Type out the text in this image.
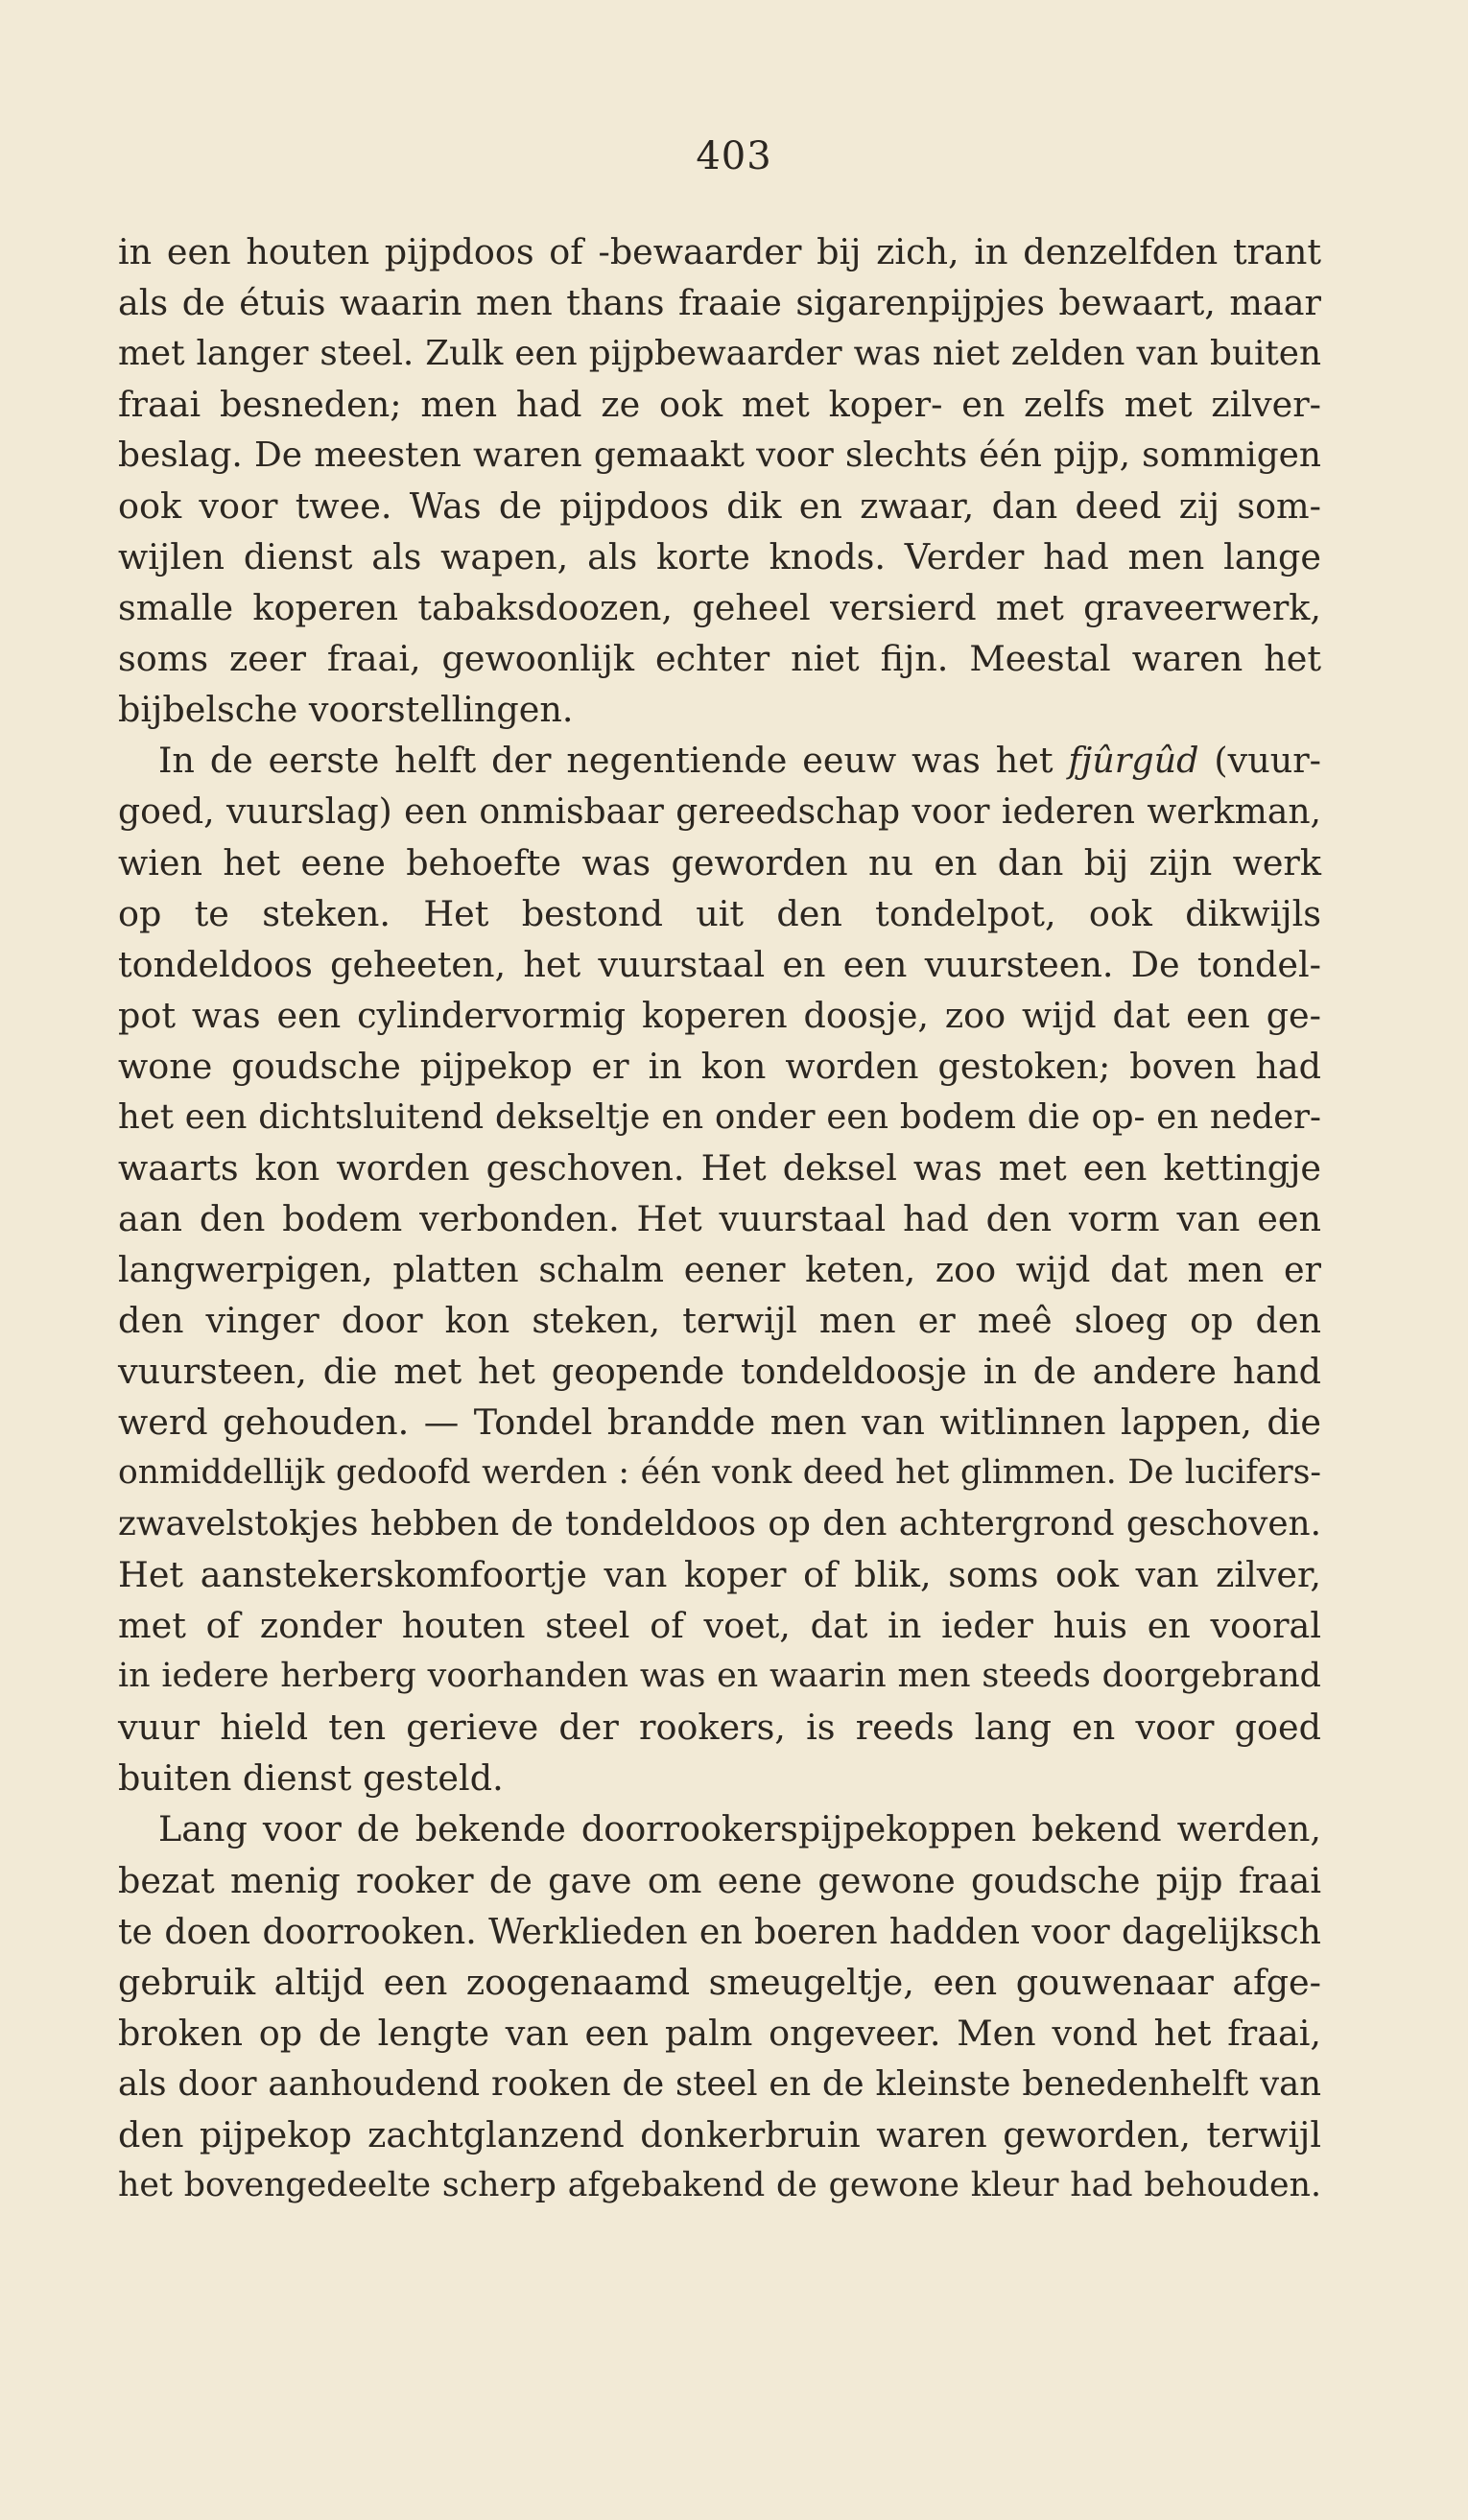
403
in een houten pijpdoos of -bewaarder bij zich, in denzelfden trant
als de étuis waarin men thans fraaie sigarenpijpjes bewaart, maar
met langer steel. Zulk een pijpbewaarder was niet zelden van buiten
fraai besneden; men had ze ook met koper- en zelfs met zilver-
beslag. De meesten waren gemaakt voor slechts één pijp, sommigen
ook voor twee. Was de pijpdoos dik en zwaar, dan deed zij som-
wijlen dienst als wapen, als korte knods. Verder had men lange
smalle koperen tabaksdoozen, geheel versierd met graveerwerk,
soms zeer fraai, gewoonlijk echter niet fijn. Meestal waren het
bijbelsche voorstellingen.
In de eerste helft der negentiende eeuw was het fjûrgûd (vuur-
goed, vuurslag) een onmisbaar gereedschap voor iederen werkman,
wien het eene behoefte was geworden nu en dan bij zijn werk
op te steken. Het bestond uit den tondelpot, ook dikwijls
tondeldoos geheeten, het vuurstaal en een vuursteen. De tondel-
pot was een cylindervormig koperen doosje, zoo wijd dat een ge-
wone goudsche pijpekop er in kon worden gestoken; boven had
het een dichtsluitend dekseltje en onder een bodem die op- en neder-
waarts kon worden geschoven. Het deksel was met een kettingje
aan den bodem verbonden. Het vuurstaal had den vorm van een
langwerpigen, platten schalm eener keten, zoo wijd dat men er
den vinger door kon steken, terwijl men er meê sloeg op den
vuursteen, die met het geopende tondeldoosje in de andere hand
werd gehouden. — Tondel brandde men van witlinnen lappen, die
onmiddellijk gedoofd werden : één vonk deed het glimmen. De lucifers-
zwavelstokjes hebben de tondeldoos op den achtergrond geschoven.
Het aanstekerskomfoortje van koper of blik, soms ook van zilver,
met of zonder houten steel of voet, dat in ieder huis en vooral
in iedere herberg voorhanden was en waarin men steeds doorgebrand
vuur hield ten gerieve der rookers, is reeds lang en voor goed
buiten dienst gesteld.
Lang voor de bekende doorrookerspijpekoppen bekend werden,
bezat menig rooker de gave om eene gewone goudsche pijp fraai
te doen doorrooken. Werklieden en boeren hadden voor dagelijksch
gebruik altijd een zoogenaamd smeugeltje, een gouwenaar afge-
broken op de lengte van een palm ongeveer. Men vond het fraai,
als door aanhoudend rooken de steel en de kleinste benedenhelft van
den pijpekop zachtglanzend donkerbruin waren geworden, terwijl
het bovengedeelte scherp afgebakend de gewone kleur had behouden.
